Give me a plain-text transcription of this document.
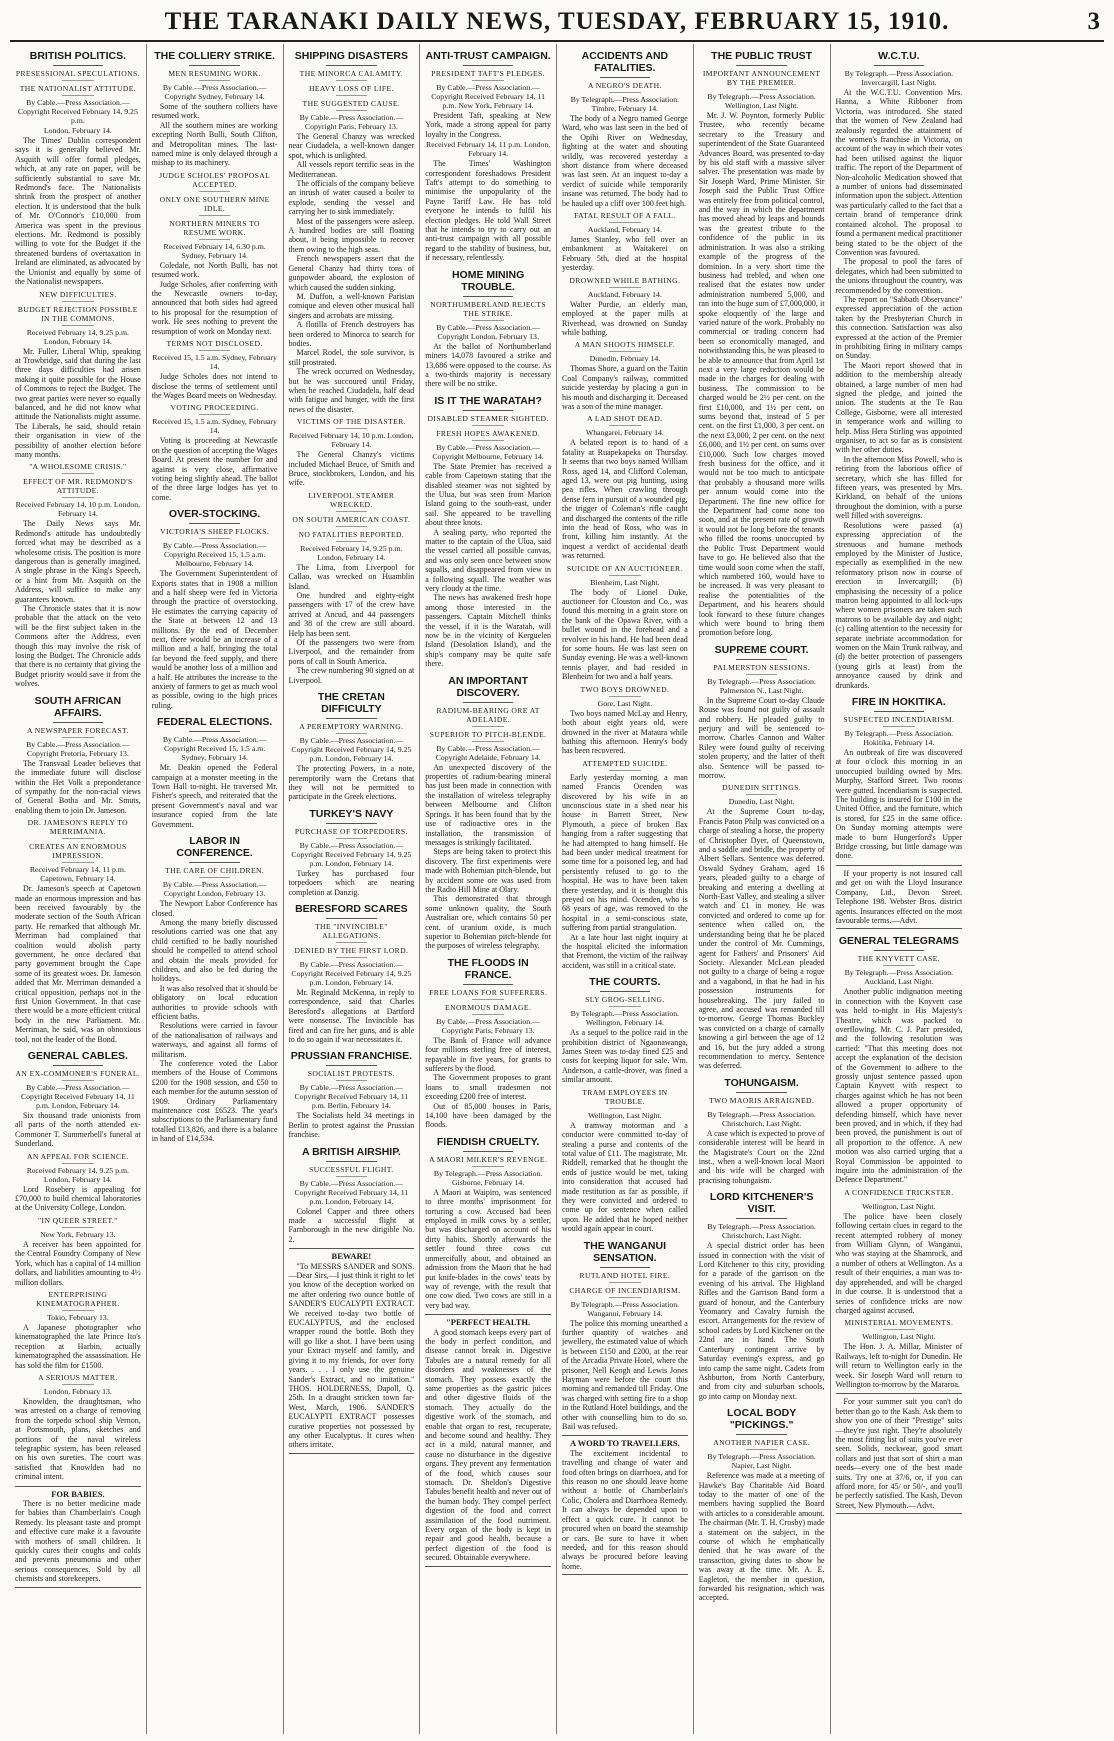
THE TARANAKI DAILY NEWS, TUESDAY, FEBRUARY 15, 1910.	3
BRITISH POLITICS.
PRESESSIONAL SPECULATIONS.
THE NATIONALIST ATTITUDE.
By Cable.—Press Association.—Copyright Received February 14, 9.25 p.m.
London, February 14.

The Times' Dublin correspondent says it is generally believed Mr. Asquith will offer formal pledges, which, at any rate on paper, will be sufficiently substantial to save Mr. Redmond's face. The Nationalists shrink from the prospect of another election. It is understood that the bulk of Mr. O'Connor's £10,000 from America was spent in the previous elections. Mr. Redmond is possibly willing to vote for the Budget if the threatened burdens of overtaxation in Ireland are eliminated, as advocated by the Unionist and equally by some of the Nationalist newspapers.

NEW DIFFICULTIES.
BUDGET REJECTION POSSIBLE IN THE COMMONS.
Received February 14, 9.25 p.m. London, February 14.

Mr. Fuller, Liberal Whip, speaking at Trowbridge, said that during the last three days difficulties had arisen making it quite possible for the House of Commons to reject the Budget. The two great parties were never so equally balanced, and he did not know what attitude the Nationalists might assume. The Liberals, he said, should retain their organisation in view of the possibility of another election before many months.

"A WHOLESOME CRISIS."
EFFECT OF MR. REDMOND'S ATTITUDE.
Received February 14, 10 p.m. London, February 14.

The Daily News says Mr. Redmond's attitude has undoubtedly forced what may be described as a wholesome crisis. The position is more dangerous than is generally imagined. A single phrase in the King's Speech, or a hint from Mr. Asquith on the Address, will suffice to make any guarantees known.

The Chronicle states that it is now probable that the attack on the veto will be the first subject taken in the Commons after the Address, even though this may involve the risk of losing the Budget. The Chronicle adds that there is no certainty that giving the Budget priority would save it from the wolves.

SOUTH AFRICAN AFFAIRS.
A NEWSPAPER FORECAST.
By Cable.—Press Association.—Copyright Pretoria, February 13.

The Transvaal Leader believes that the immediate future will disclose within the Het Volk a preponderance of sympathy for the non-racial views of General Botha and Mr. Smuts, enabling them to join Dr. Jameson.

DR. JAMESON'S REPLY TO MERRIMANIA.
CREATES AN ENORMOUS IMPRESSION.
Received February 14, 11 p.m. Capetown, February 14.

Dr. Jameson's speech at Capetown made an enormous impression and has been received favourably by the moderate section of the South African party. He remarked that although Mr. Merriman had complained that coalition would abolish party government, he once declared that party government brought the Cape some of its greatest woes. Dr. Jameson added that Mr. Merriman demanded a critical opposition, perhaps not in the first Union Government. In that case there would be a more efficient critical body in the new Parliament. Mr. Merriman, he said, was an obnoxious tool, not the leader of the Bond.

GENERAL CABLES.
AN EX-COMMONER'S FUNERAL.
By Cable.—Press Association.—Copyright Received February 14, 11 p.m. London, February 14.

Six thousand trade unionists from all parts of the north attended ex-Commoner T. Summerbell's funeral at Sunderland.

AN APPEAL FOR SCIENCE.
Received February 14, 9.25 p.m. London, February 14.

Lord Rosebery is appealing for £70,000 to build chemical laboratories at the University College, London.

"IN QUEER STREET."
New York, February 13.

A receiver has been appointed for the Central Foundry Company of New York, which has a capital of 14 million dollars, and liabilities amounting to 4½ million dollars.

ENTERPRISING KINEMATOGRAPHER.
Tokio, February 13.

A Japanese photographer who kinematographed the late Prince Ito's reception at Harbin, actually kinematographed the assassination. He has sold the film for £1500.

A SERIOUS MATTER.
London, February 13.

Knowlden, the draughtsman, who was arrested on a charge of removing from the torpedo school ship Vernon, at Portsmouth, plans, sketches and portions of the naval wireless telegraphic system, has been released on his own sureties. The court was satisfied that Knowlden had no criminal intent.

FOR BABIES.

There is no better medicine made for babies than Chamberlain's Cough Remedy. Its pleasant taste and prompt and effective cure make it a favourite with mothers of small children. It quickly cures their coughs and colds and prevents pneumonia and other serious consequences. Sold by all chemists and storekeepers.

THE COLLIERY STRIKE.
MEN RESUMING WORK.
By Cable.—Press Association.—Copyright Sydney, February 14.

Some of the southern colliers have resumed work.

All the southern mines are working excepting North Bulli, South Clifton, and Metropolitan mines. The last-named mine is only delayed through a mishap to its machinery.

JUDGE SCHOLES' PROPOSAL ACCEPTED.
ONLY ONE SOUTHERN MINE IDLE.
NORTHERN MINERS TO RESUME WORK.
Received February 14, 6.30 p.m. Sydney, February 14.

Coledale, not North Bulli, has not resumed work.

Judge Scholes, after conferring with the Newcastle owners to-day, announced that both sides had agreed to his proposal for the resumption of work. He sees nothing to prevent the resumption of work on Monday next.

TERMS NOT DISCLOSED.
Received 15, 1.5 a.m. Sydney, February 14.

Judge Scholes does not intend to disclose the terms of settlement until the Wages Board meets on Wednesday.

VOTING PROCEEDING.
Received 15, 1.5 a.m. Sydney, February 14.

Voting is proceeding at Newcastle on the question of accepting the Wages Board. At present the number for and against is very close, affirmative voting being slightly ahead. The ballot of the three large lodges has yet to come.

OVER-STOCKING.
VICTORIA'S SHEEP FLOCKS.
By Cable.—Press Association.—Copyright Received 15, 1.5 a.m. Melbourne, February 14.

The Government Superintendent of Exports states that in 1908 a million and a half sheep were fed in Victoria through the practice of overstocking. He estimates the carrying capacity of the State at between 12 and 13 millions. By the end of December next, there would be an increase of a million and a half, bringing the total far beyond the feed supply, and there would be another loss of a million and a half. He attributes the increase to the anxiety of farmers to get as much wool as possible, owing to the high prices ruling.

FEDERAL ELECTIONS.
By Cable.—Press Association.—Copyright Received 15, 1.5 a.m. Sydney, February 14.

Mr. Deakin opened the Federal campaign at a monster meeting in the Town Hall to-night. He traversed Mr. Fisher's speech, and reiterated that the present Government's naval and war insurance copied from the late Government.

LABOR IN CONFERENCE.
THE CARE OF CHILDREN.
By Cable.—Press Association.—Copyright London, February 13.

The Newport Labor Conference has closed.

Among the many briefly discussed resolutions carried was one that any child certified to be badly nourished should be compelled to attend school and obtain the meals provided for children, and also be fed during the holidays.

It was also resolved that it should be obligatory on local education authorities to provide schools with efficient baths.

Resolutions were carried in favour of the nationalisation of railways and waterways, and against all forms of militarism.

The conference voted the Labor members of the House of Commons £200 for the 1908 session, and £50 to each member for the autumn session of 1909. Ordinary Parliamentary maintenance cost £6523. The year's subscriptions to the Parliamentary fund totalled £13,826, and there is a balance in hand of £14,534.

SHIPPING DISASTERS
THE MINORCA CALAMITY.
HEAVY LOSS OF LIFE.
THE SUGGESTED CAUSE.
By Cable.—Press Association.—Copyright Paris, February 13.

The General Chanzy was wrecked near Ciudadela, a well-known danger spot, which is unlighted.

All vessels report terrific seas in the Mediterranean.

The officials of the company believe an inrush of water caused a boiler to explode, sending the vessel and carrying her to sink immediately.

Most of the passengers were asleep. A hundred bodies are still floating about, it being impossible to recover them owing to the high seas.

French newspapers assert that the General Chanzy had thirty tons of gunpowder aboard, the explosion of which caused the sudden sinking.

M. Duffon, a well-known Parisian comique and eleven other musical hall singers and acrobats are missing.

A flotilla of French destroyers has been ordered to Minorca to search for bodies.

Marcel Rodel, the sole survivor, is still prostrated.

The wreck occurred on Wednesday, but he was succoured until Friday, when he reached Ciudadela, half dead with fatigue and hunger, with the first news of the disaster.

VICTIMS OF THE DISASTER.
Received February 14, 10 p.m. London, February 14.

The General Chanzy's victims included Michael Bruce, of Smith and Bruce, stockbrokers, London, and his wife.

LIVERPOOL STEAMER WRECKED.
ON SOUTH AMERICAN COAST.
NO FATALITIES REPORTED.
Received February 14, 9.25 p.m. London, February 14.

The Lima, from Liverpool for Callao, was wrecked on Huamblin Island.

One hundred and eighty-eight passengers with 17 of the crew have arrived at Ancud, and 44 passengers and 38 of the crew are still aboard. Help has been sent.

Of the passengers two were from Liverpool, and the remainder from ports of call in South America.

The crew numbering 90 signed on at Liverpool.

THE CRETAN DIFFICULTY
A PEREMPTORY WARNING.
By Cable.—Press Association.—Copyright Received February 14, 9.25 p.m. London, February 14.

The protecting Powers, in a note, peremptorily warn the Cretans that they will not be permitted to participate in the Greek elections.

TURKEY'S NAVY
PURCHASE OF TORPEDOERS.
By Cable.—Press Association.—Copyright Received February 14, 9.25 p.m. London, February 14.

Turkey has purchased four torpedoers which are nearing completion at Danzig.

BERESFORD SCARES
THE "INVINCIBLE" ALLEGATIONS.
DENIED BY THE FIRST LORD.
By Cable.—Press Association.—Copyright Received February 14, 9.25 p.m. London, February 14.

Mr. Reginald McKenna, in reply to correspondence, said that Charles Beresford's allegations at Dartford were nonsense. The Invincible has fired and can fire her guns, and is able to do so again if war necessitates it.

PRUSSIAN FRANCHISE.
SOCIALIST PROTESTS.
By Cable.—Press Association.—Copyright Received February 14, 11 p.m. Berlin, February 14.

The Socialists held 34 meetings in Berlin to protest against the Prussian franchise.

A BRITISH AIRSHIP.
SUCCESSFUL FLIGHT.
By Cable.—Press Association.—Copyright Received February 14, 11 p.m. London, February 14.

Colonel Capper and three others made a successful flight at Farnborough in the new dirigible No. 2.

BEWARE!

"To MESSRS SANDER and SONS.—Dear Sirs,—I just think it right to let you know of the deception worked on me after ordering two ounce bottle of SANDER'S EUCALYPTI EXTRACT. We received to-day two bottle of EUCALYPTUS, and the enclosed wrapper round the bottle. Both they will go like a shot. I have been using your Extract myself and family, and giving it to my friends, for over forty years. . . . I only use the genuine Sander's Extract, and no imitation." THOS. HOLDERNESS, Dapoll, Q. 25th. In a draught stricken town far-West, March, 1906. SANDER'S EUCALYPTI EXTRACT possesses curative properties not possessed by any other Eucalyptus. It cures when others irritate.

ANTI-TRUST CAMPAIGN.
PRESIDENT TAFT'S PLEDGES.
By Cable.—Press Association.—Copyright Received February 14, 11 p.m. New York, February 14.

President Taft, speaking at New York, made a strong appeal for party loyalty in the Congress.

Received February 14, 11 p.m. London, February 14.

The Times' Washington correspondent foreshadows President Taft's attempt to do something to minimise the unpopularity of the Payne Tariff Law. He has told everyone he intends to fulfil his election pledges. He told Wall Street that he intends to try to carry out an anti-trust campaign with all possible regard to the stability of business, but, if necessary, relentlessly.

HOME MINING TROUBLE.
NORTHUMBERLAND REJECTS THE STRIKE.
By Cable.—Press Association.—Copyright London, February 13.

At the ballot of Northumberland miners 14,078 favoured a strike and 13,686 were opposed to the course. As a two-thirds majority is necessary there will be no strike.

IS IT THE WARATAH?
DISABLED STEAMER SIGHTED.
FRESH HOPES AWAKENED.
By Cable.—Press Association.—Copyright Melbourne, February 14.

The State Premier has received a cable from Capetown stating that the disabled steamer was not sighted by the Ulua, but was seen from Marion Island going to the south-east, under sail. She appeared to be travelling about three knots.

A sealing party, who reported the matter to the captain of the Ulua, said the vessel carried all possible canvas, and was only seen once between snow squalls, and disappeared from view in a following squall. The weather was very cloudy at the time.

The news has awakened fresh hope among those interested in the passengers. Captain Mitchell thinks the vessel, if it is the Waratah, will now be in the vicinity of Kerguelen Island (Desolation Island), and the ship's company may be quite safe there.

AN IMPORTANT DISCOVERY.
RADIUM-BEARING ORE AT ADELAIDE.
SUPERIOR TO PITCH-BLENDE.
By Cable.—Press Association.—Copyright Adelaide, February 14.

An unexpected discovery of the properties of radium-bearing mineral has just been made in connection with the installation of wireless telegraphy between Melbourne and Clifton Springs. It has been found that by the use of radioactive ores in the installation, the transmission of messages is strikingly facilitated.

Steps are being taken to protect this discovery. The first experiments were made with Bohemian pitch-blende, but by accident some ore was used from the Radio Hill Mine at Olary.

This demonstrated that through some unknown quality, the South Australian ore, which contains 50 per cent. of uranium oxide, is much superior to Bohemian pitch-blende for the purposes of wireless telegraphy.

THE FLOODS IN FRANCE.
FREE LOANS FOR SUFFERERS.
ENORMOUS DAMAGE.
By Cable.—Press Association.—Copyright Paris, February 13.

The Bank of France will advance four millions sterling free of interest, repayable in five years, for grants to sufferers by the flood.

The Government proposes to grant loans to small tradesmen not exceeding £200 free of interest.

Out of 85,000 houses in Paris, 14,100 have been damaged by the floods.

FIENDISH CRUELTY.
A MAORI MILKER'S REVENGE.
By Telegraph.—Press Association. Gisborne, February 14.

A Maori at Waipiro, was sentenced to three months' imprisonment for torturing a cow. Accused had been employed in milk cows by a settler, but was discharged on account of his dirty habits. Shortly afterwards the settler found three cows cut unmercifully about, and obtained an admission from the Maori that he had put knife-blades in the cows' teats by way of revenge, with the result that one cow died. Two cows are still in a very bad way.

"PERFECT HEALTH.

A good stomach keeps every part of the body in perfect condition, and disease cannot break in. Digestive Tabules are a natural remedy for all disorders and weaknesses of the stomach. They possess exactly the same properties as the gastric juices and other digestive fluids of the stomach. They actually do the digestive work of the stomach, and enable that organ to rest, recuperate, and become sound and healthy. They act in a mild, natural manner, and cause no disturbance in the digestive organs. They prevent any fermentation of the food, which causes sour stomach. Dr. Sheldon's Digestive Tabules benefit health and never out of the human body. They compel perfect digestion of the food and correct assimilation of the food nutriment. Every organ of the body is kept in repair and good health, because a perfect digestion of the food is secured. Obtainable everywhere.

ACCIDENTS AND FATALITIES.
A NEGRO'S DEATH.
By Telegraph.—Press Association. Timbre, February 14.

The body of a Negro named George Ward, who was last seen in the bed of the Opihi River on Wednesday, fighting at the water and shouting wildly, was recovered yesterday a short distance from where deceased was last seen. At an inquest to-day a verdict of suicide while temporarily insane was returned. The body had to be hauled up a cliff over 100 feet high.

FATAL RESULT OF A FALL.
Auckland, February 14.

James Stanley, who fell over an embankment at Waitakerei on February 5th, died at the hospital yesterday.

DROWNED WHILE BATHING.
Auckland, February 14.

Walter Purdie, an elderly man, employed at the paper mills at Riverhead, was drowned on Sunday while bathing.

A MAN SHOOTS HIMSELF.
Dunedin, February 14.

Thomas Shore, a guard on the Taitin Coal Company's railway, committed suicide yesterday by placing a gun in his mouth and discharging it. Deceased was a son of the mine manager.

A LAD SHOT DEAD.
Whangarei, February 14.

A belated report is to hand of a fatality at Ruapekapeka on Thursday. It seems that two boys named William Ross, aged 14, and Clifford Coleman, aged 13, were out pig hunting, using pea rifles. When crawling through dense fern in pursuit of a wounded pig, the trigger of Coleman's rifle caught and discharged the contents of the rifle into the head of Ross, who was in front, killing him instantly. At the inquest a verdict of accidental death was returned.

SUICIDE OF AN AUCTIONEER.
Blenheim, Last Night.

The body of Lionel Duke, auctioneer for Clouston and Co., was found this morning in a grain store on the bank of the Opawa River, with a bullet wound in the forehead and a revolver in his hand. He had been dead for some hours. He was last seen on Sunday evening. He was a well-known tennis player, and had resided in Blenheim for two and a half years.

TWO BOYS DROWNED.
Gore, Last Night.

Two boys named McLay and Henry, both about eight years old, were drowned in the river at Mataura while bathing this afternoon. Henry's body has been recovered.

ATTEMPTED SUICIDE.

Early yesterday morning a man named Francis Ocenden was discovered by his wife in an unconscious state in a shed near his house in Barrett Street, New Plymouth, a piece of broken flax hanging from a rafter suggesting that he had attempted to hang himself. He had been under medical treatment for some time for a poisoned leg, and had persistently refused to go to the hospital. He was to have been taken there yesterday, and it is thought this preyed on his mind. Ocenden, who is 68 years of age, was removed to the hospital in a semi-conscious state, suffering from partial strangulation.

At a late hour last night inquiry at the hospital elicited the information that Fremont, the victim of the railway accident, was still in a critical state.

THE COURTS.
SLY GROG-SELLING.
By Telegraph.—Press Association. Wellington, February 14.

As a sequel to the police raid in the prohibition district of Ngaonawanga, James Steen was to-day fined £25 and costs for keeping liquor for sale. Wm. Anderson, a cattle-drover, was fined a similar amount.

TRAM EMPLOYEES IN TROUBLE.
Wellington, Last Night.

A tramway motorman and a conductor were committed to-day of stealing a purse and contents of the total value of £11. The magistrate, Mr. Riddell, remarked that he thought the ends of justice would be met, taking into consideration that accused had made restitution as far as possible, if they were convicted and ordered to come up for sentence when called upon. He added that he hoped neither would again appear in court.

THE WANGANUI SENSATION.
RUTLAND HOTEL FIRE.
CHARGE OF INCENDIARISM.
By Telegraph.—Press Association. Wanganui, February 14.

The police this morning unearthed a further quantity of watches and jewellery, the estimated value of which is between £150 and £200, at the rear of the Arcadia Private Hotel, where the prisoner, Nell Keogh and Lewis Jones Hayman were before the court this morning and remanded till Friday. One was charged with setting fire to a shop in the Rutland Hotel buildings, and the other with counselling him to do so. Bail was refused.

A WORD TO TRAVELLERS.

The excitement incidental to travelling and change of water and food often brings on diarrhoea, and for this reason no one should leave home without a bottle of Chamberlain's Colic, Cholera and Diarrhoea Remedy. It can always be depended upon to effect a quick cure. It cannot be procured when on board the steamship or cars. Be sure to have it when needed, and for this reason should always be procured before leaving home.

THE PUBLIC TRUST
IMPORTANT ANNOUNCEMENT BY THE PREMIER.
By Telegraph.—Press Association. Wellington, Last Night.

Mr. J. W. Poynton, formerly Public Trustee, who recently became secretary to the Treasury and superintendent of the State Guaranteed Advances Board, was presented to-day by his old staff with a massive silver salver. The presentation was made by Sir Joseph Ward, Prime Minister. Sir Joseph said the Public Trust Office was entirely free from political control, and the way in which the department has moved ahead by leaps and bounds was the greatest tribute to the confidence of the public in its administration. It was also a striking example of the progress of the dominion. In a very short time the business had trebled, and when one realised that the estates now under administration numbered 5,000, and ran into the huge sum of £7,000,000, it spoke eloquently of the large and varied nature of the work. Probably no commercial or trading concern had been so economically managed, and notwithstanding this, he was pleased to be able to announce that from April 1st next a very large reduction would be made in the charges for dealing with business. The commission to be charged would be 2½ per cent. on the first £10,000, and 1½ per cent. on sums beyond that, instead of 5 per cent. on the first £1,000, 3 per cent. on the next £3,000, 2 per cent. on the next £6,000, and 1½ per cent. on sums over £10,000. Such low charges moved fresh business for the office, and it would not be too much to anticipate that probably a thousand more wills per annum would come into the Department. The fine new office for the Department had come none too soon, and at the present rate of growth it would not be long before the tenants who filled the rooms unoccupied by the Public Trust Department would have to go. He believed also that the time would soon come when the staff, which numbered 160, would have to be increased. It was very pleasant to realise the potentialities of the Department, and his hearers should look forward to these future changes which were bound to bring them promotion before long.

SUPREME COURT.
PALMERSTON SESSIONS.
By Telegraph.—Press Association. Palmerston N., Last Night.

In the Supreme Court to-day Claude Rouse was found not guilty of assault and robbery. He pleaded guilty to perjury and will be sentenced to-morrow. Charles Cannon and Walter Riley were found guilty of receiving stolen property, and the latter of theft also. Sentence will be passed to-morrow.

DUNEDIN SITTINGS.
Dunedin, Last Night.

At the Supreme Court to-day, Francis Paton Philp was convicted on a charge of stealing a horse, the property of Christopher Dyer, of Queenstown, and a saddle and bridle, the property of Albert Sellars. Sentence was deferred. Oswald Sydney Graham, aged 16 years, pleaded guilty to a charge of breaking and entering a dwelling at North-East Valley, and stealing a silver watch and £1 in money. He was convicted and ordered to come up for sentence when called on, the understanding being that he be placed under the control of Mr. Cummings, agent for Fathers' and Prisoners' Aid Society. Alexander McLean pleaded not guilty to a charge of being a rogue and a vagabond, in that he had in his possession instruments for housebreaking. The jury failed to agree, and accused was remanded till to-morrow. George Thomas Buckley was convicted on a charge of carnally knowing a girl between the age of 12 and 16, but the jury added a strong recommendation to mercy. Sentence was deferred.

TOHUNGAISM.
TWO MAORIS ARRAIGNED.
By Telegraph.—Press Association. Christchurch, Last Night.

A case which is expected to prove of considerable interest will be heard in the Magistrate's Court on the 22nd inst., when a well-known local Maori and his wife will be charged with practising tohungaism.

LORD KITCHENER'S VISIT.
By Telegraph.—Press Association. Christchurch, Last Night.

A special district order has been issued in connection with the visit of Lord Kitchener to this city, providing for a parade of the garrison on the evening of his arrival. The Highland Rifles and the Garrison Band form a guard of honour, and the Canterbury Yeomanry and Cavalry furnish the escort. Arrangements for the review of school cadets by Lord Kitchener on the 22nd are in hand. The South Canterbury contingent arrive by Saturday evening's express, and go into camp the same night. Cadets from Ashburton, from North Canterbury, and from city and suburban schools, go into camp on Monday next.

LOCAL BODY "PICKINGS."
ANOTHER NAPIER CASE.
By Telegraph.—Press Association. Napier, Last Night.

Reference was made at a meeting of Hawke's Bay Charitable Aid Board today to the matter of one of the members having supplied the Board with articles to a considerable amount. The chairman (Mr. T. H. Crosby) made a statement on the subject, in the course of which he emphatically denied that he was aware of the transaction, giving dates to show he was away at the time. Mr. A. E. Eagleton, the member in question, forwarded his resignation, which was accepted.

W.C.T.U.
By Telegraph.—Press Association. Invercargill, Last Night.

At the W.C.T.U. Convention Mrs. Hanna, a White Ribboner from Victoria, was introduced. She stated that the women of New Zealand had zealously regarded the attainment of the women's franchise in Victoria, on account of the way in which their votes had been utilised against the liquor traffic. The report of the Department of Non-alcoholic Medication showed that a number of unions had disseminated information upon the subject. Attention was particularly called to the fact that a certain brand of temperance drink contained alcohol. The proposal to found a permanent medical practitioner being stated to be the object of the Convention was favoured.

The proposal to pool the fares of delegates, which had been submitted to the unions throughout the country, was recommended by the convention.

The report on "Sabbath Observance" expressed appreciation of the action taken by the Presbyterian Church in this connection. Satisfaction was also expressed at the action of the Premier in prohibiting firing in military camps on Sunday.

The Maori report showed that in addition to the membership already obtained, a large number of men had signed the pledge, and joined the union. The students at the Te Rau College, Gisborne, were all interested in temperance work and willing to help. Miss Hera Stirling was appointed organiser, to act so far as is consistent with her other duties.

In the afternoon Miss Powell, who is retiring from the laborious office of secretary, which she has filled for fifteen years, was presented by Mrs. Kirkland, on behalf of the unions throughout the dominion, with a purse well filled with sovereigns.

Resolutions were passed (a) expressing appreciation of the strenuous and humane methods employed by the Minister of Justice, especially as exemplified in the new reformatory prison now in course of erection in Invercargill; (b) emphasising the necessity of a police matron being appointed to all lock-ups where women prisoners are taken such matrons to be available day and night; (c) calling attention to the necessity for separate inebriate accommodation for women on the Main Trunk railway, and (d) the better protection of passengers (young girls at least) from the annoyance caused by drink and drunkards.

FIRE IN HOKITIKA.
SUSPECTED INCENDIARISM.
By Telegraph.—Press Association. Hokitika, February 14.

An outbreak of fire was discovered at four o'clock this morning in an unoccupied building owned by Mrs. Murphy, Stafford Street. Two rooms were gutted. Incendiarism is suspected. The building is insured for £100 in the United Office, and the furniture, which is stored, for £25 in the same office. On Sunday morning attempts were made to burn Hungerford's Upper Bridge crossing, but little damage was done.

If your property is not insured call and get on with the Lloyd Insurance Company, Ltd., Devon Street. Telephone 198. Webster Bros. district agents. Insurances effected on the most favourable terms.—Advt.

GENERAL TELEGRAMS
THE KNYVETT CASE.
By Telegraph.—Press Association. Auckland, Last Night.

Another public indignation meeting in connection with the Knyvett case was held to-night in His Majesty's Theatre, which was packed to overflowing. Mr. C. J. Parr presided, and the following resolution was carried: "That this meeting does not accept the explanation of the decision of the Government to adhere to the grossly unjust sentence passed upon Captain Knyvett with respect to charges against which he has not been allowed a proper opportunity of defending himself, which have never been proved, and in which, if they had been proved, the punishment is out of all proportion to the offence. A new motion was also carried urging that a Royal Commission be appointed to inquire into the administration of the Defence Department."

A CONFIDENCE TRICKSTER.
Wellington, Last Night.

The police have been closely following certain clues in regard to the recent attempted robbery of money from William Glynn, of Wanganui, who was staying at the Shamrock, and a number of others at Wellington. As a result of their enquiries, a man was to-day apprehended, and will be charged in due course. It is understood that a series of confidence tricks are now charged against accused.

MINISTERIAL MOVEMENTS.
Wellington, Last Night.

The Hon. J. A. Millar, Minister of Railways, left to-night for Dunedin. He will return to Wellington early in the week. Sir Joseph Ward will return to Wellington to-morrow by the Mararoa.

For your summer suit you can't do better than go to the Kash. Ask them to show you one of their "Prestige" suits—they're just right. They're absolutely the most fitting list of suits you've ever seen. Solids, neckwear, good smart collars and just that sort of shirt a man needs—every one of the best made suits. Try one at 37/6, or, if you can afford more, for 45/ or 50/-, and you'll be perfectly satisfied. The Kash, Devon Street, New Plymouth.—Advt.
